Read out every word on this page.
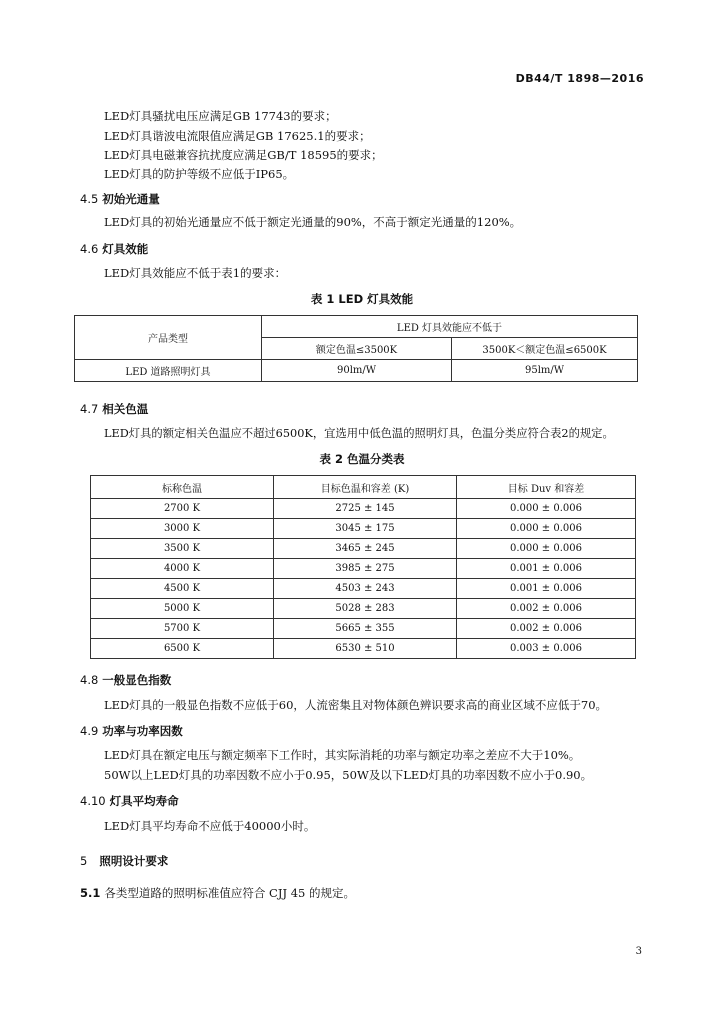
DB44/T 1898—2016
LED灯具骚扰电压应满足GB 17743的要求；
LED灯具谐波电流限值应满足GB 17625.1的要求；
LED灯具电磁兼容抗扰度应满足GB/T 18595的要求；
LED灯具的防护等级不应低于IP65。
4.5 初始光通量
LED灯具的初始光通量应不低于额定光通量的90%，不高于额定光通量的120%。
4.6 灯具效能
LED灯具效能应不低于表1的要求：
表 1 LED 灯具效能
产品类型	LED 灯具效能应不低于	
	额定色温≤3500K	3500K＜额定色温≤6500K
LED 道路照明灯具	90lm/W	95lm/W
4.7 相关色温
LED灯具的额定相关色温应不超过6500K，宜选用中低色温的照明灯具，色温分类应符合表2的规定。
表 2 色温分类表
标称色温	目标色温和容差 (K)	目标 Duv 和容差
2700 K	2725 ± 145	0.000 ± 0.006
3000 K	3045 ± 175	0.000 ± 0.006
3500 K	3465 ± 245	0.000 ± 0.006
4000 K	3985 ± 275	0.001 ± 0.006
4500 K	4503 ± 243	0.001 ± 0.006
5000 K	5028 ± 283	0.002 ± 0.006
5700 K	5665 ± 355	0.002 ± 0.006
6500 K	6530 ± 510	0.003 ± 0.006
4.8 一般显色指数
LED灯具的一般显色指数不应低于60，人流密集且对物体颜色辨识要求高的商业区域不应低于70。
4.9 功率与功率因数
LED灯具在额定电压与额定频率下工作时，其实际消耗的功率与额定功率之差应不大于10%。
50W以上LED灯具的功率因数不应小于0.95，50W及以下LED灯具的功率因数不应小于0.90。
4.10 灯具平均寿命
LED灯具平均寿命不应低于40000小时。
5 照明设计要求
5.1 各类型道路的照明标准值应符合 CJJ 45 的规定。
3
